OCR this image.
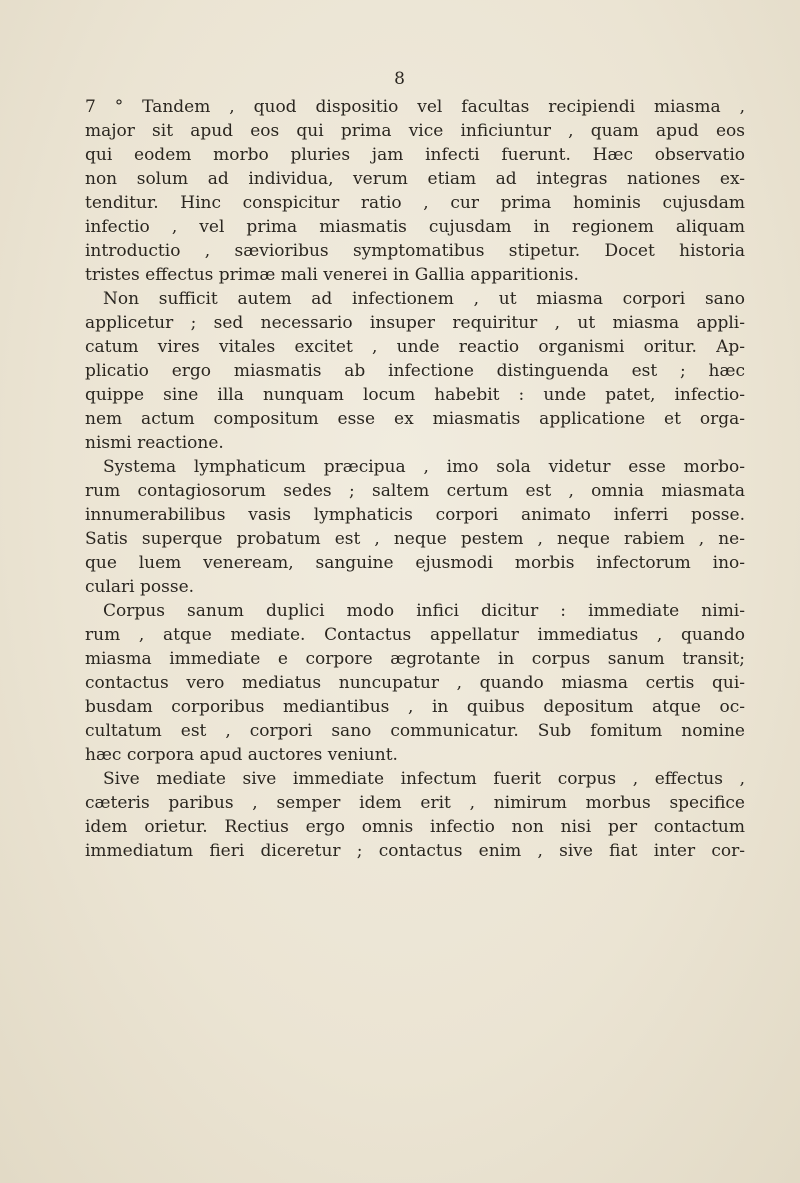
8
7 ° Tandem , quod dispositio vel facultas recipiendi miasma ,
major sit apud eos qui prima vice inficiuntur , quam apud eos
qui eodem morbo pluries jam infecti fuerunt. Hæc observatio
non solum ad individua, verum etiam ad integras nationes ex-
tenditur. Hinc conspicitur ratio , cur prima hominis cujusdam
infectio , vel prima miasmatis cujusdam in regionem aliquam
introductio , sævioribus symptomatibus stipetur. Docet historia
tristes effectus primæ mali venerei in Gallia apparitionis.
Non sufficit autem ad infectionem , ut miasma corpori sano
applicetur ; sed necessario insuper requiritur , ut miasma appli-
catum vires vitales excitet , unde reactio organismi oritur. Ap-
plicatio ergo miasmatis ab infectione distinguenda est ; hæc
quippe sine illa nunquam locum habebit : unde patet, infectio-
nem actum compositum esse ex miasmatis applicatione et orga-
nismi reactione.
Systema lymphaticum præcipua , imo sola videtur esse morbo-
rum contagiosorum sedes ; saltem certum est , omnia miasmata
innumerabilibus vasis lymphaticis corpori animato inferri posse.
Satis superque probatum est , neque pestem , neque rabiem , ne-
que luem veneream, sanguine ejusmodi morbis infectorum ino-
culari posse.
Corpus sanum duplici modo infici dicitur : immediate nimi-
rum , atque mediate. Contactus appellatur immediatus , quando
miasma immediate e corpore ægrotante in corpus sanum transit;
contactus vero mediatus nuncupatur , quando miasma certis qui-
busdam corporibus mediantibus , in quibus depositum atque oc-
cultatum est , corpori sano communicatur. Sub fomitum nomine
hæc corpora apud auctores veniunt.
Sive mediate sive immediate infectum fuerit corpus , effectus ,
cæteris paribus , semper idem erit , nimirum morbus specifice
idem orietur. Rectius ergo omnis infectio non nisi per contactum
immediatum fieri diceretur ; contactus enim , sive fiat inter cor-
